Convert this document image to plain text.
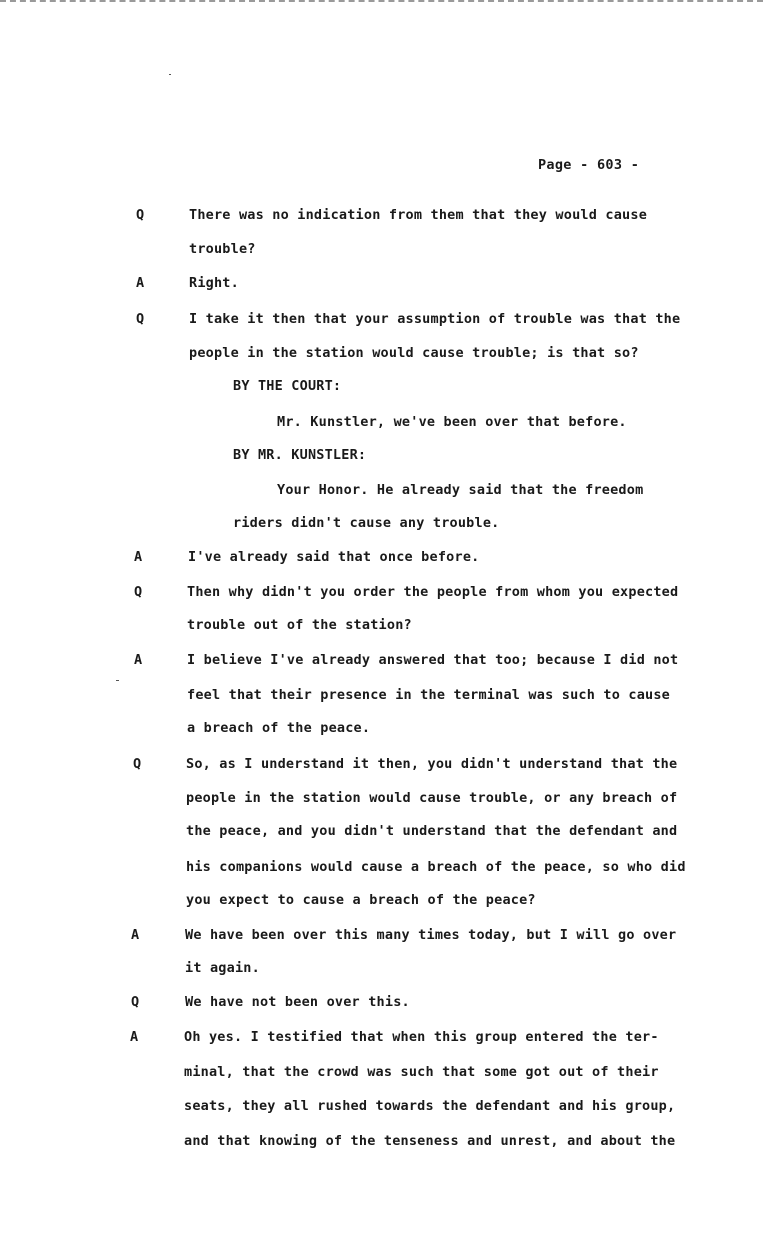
Page - 603 -
Q	There was no indication from them that they would cause
trouble?
A	Right.
Q	I take it then that your assumption of trouble was that the
people in the station would cause trouble; is that so?
BY THE COURT:
Mr. Kunstler, we've been over that before.
BY MR. KUNSTLER:
Your Honor. He already said that the freedom
riders didn't cause any trouble.
A	I've already said that once before.
Q	Then why didn't you order the people from whom you expected
trouble out of the station?
A	I believe I've already answered that too; because I did not
feel that their presence in the terminal was such to cause
a breach of the peace.
Q	So, as I understand it then, you didn't understand that the
people in the station would cause trouble, or any breach of
the peace, and you didn't understand that the defendant and
his companions would cause a breach of the peace, so who did
you expect to cause a breach of the peace?
A	We have been over this many times today, but I will go over
it again.
Q	We have not been over this.
A	Oh yes. I testified that when this group entered the ter-
minal, that the crowd was such that some got out of their
seats, they all rushed towards the defendant and his group,
and that knowing of the tenseness and unrest, and about the
